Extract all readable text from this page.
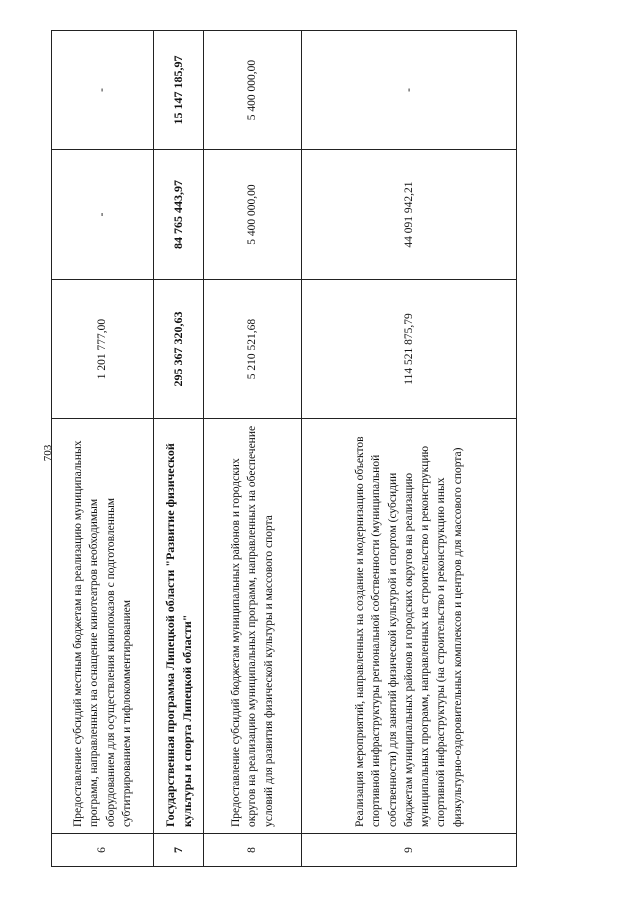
703
6	Предоставление субсидий местным бюджетам на реализацию муниципальных программ, направленных на оснащение кинотеатров необходимым оборудованием для осуществления кинопоказов с подготовленным субтитрированием и тифлокомментированием	1 201 777,00	-	-
7	Государственная программа Липецкой области "Развитие физической культуры и спорта Липецкой области"	295 367 320,63	84 765 443,97	15 147 185,97
8	Предоставление субсидий бюджетам муниципальных районов и городских округов на реализацию муниципальных программ, направленных на обеспечение условий для развития физической культуры и массового спорта	5 210 521,68	5 400 000,00	5 400 000,00
9	Реализация мероприятий, направленных на создание и модернизацию объектов спортивной инфраструктуры региональной собственности (муниципальной собственности) для занятий физической культурой и спортом (субсидии бюджетам муниципальных районов и городских округов на реализацию муниципальных программ, направленных на строительство и реконструкцию спортивной инфраструктуры (на строительство и реконструкцию иных физкультурно-оздоровительных комплексов и центров для массового спорта)	114 521 875,79	44 091 942,21	-
